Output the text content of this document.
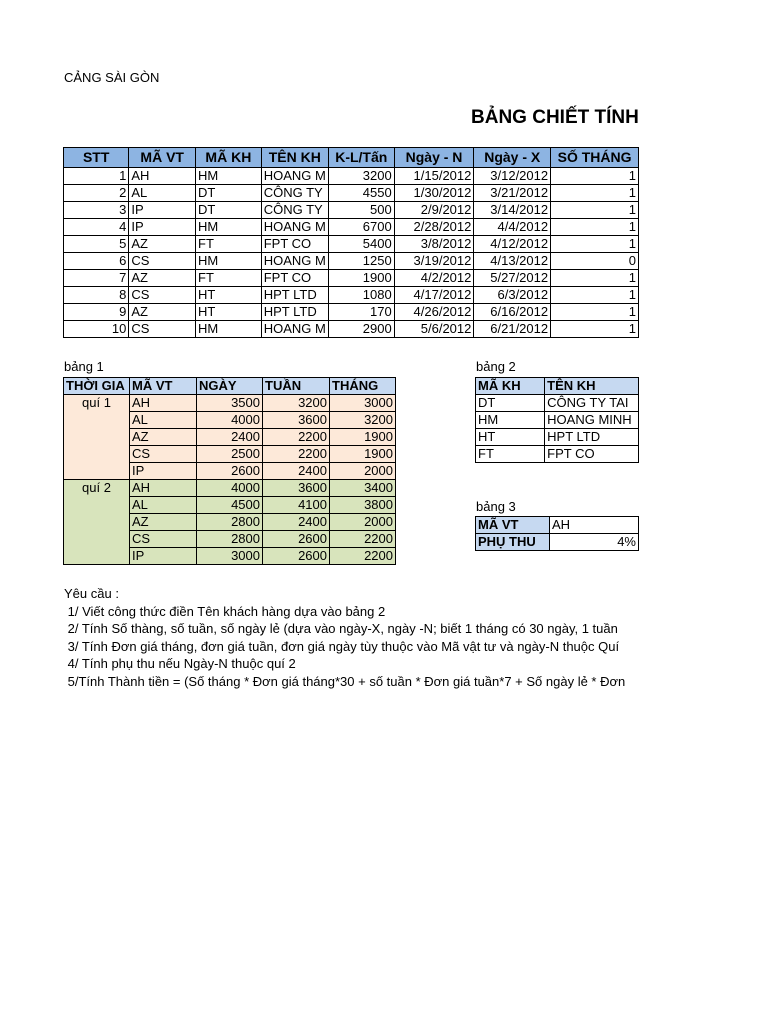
CẢNG SÀI GÒN
BẢNG CHIẾT TÍNH
STT	MÃ VT	MÃ KH	TÊN KH	K-L/Tấn	Ngày - N	Ngày - X	SỐ THÁNG
1	AH	HM	HOANG M	3200	1/15/2012	3/12/2012	1
2	AL	DT	CÔNG TY	4550	1/30/2012	3/21/2012	1
3	IP	DT	CÔNG TY	500	2/9/2012	3/14/2012	1
4	IP	HM	HOANG M	6700	2/28/2012	4/4/2012	1
5	AZ	FT	FPT CO	5400	3/8/2012	4/12/2012	1
6	CS	HM	HOANG M	1250	3/19/2012	4/13/2012	0
7	AZ	FT	FPT CO	1900	4/2/2012	5/27/2012	1
8	CS	HT	HPT LTD	1080	4/17/2012	6/3/2012	1
9	AZ	HT	HPT LTD	170	4/26/2012	6/16/2012	1
10	CS	HM	HOANG M	2900	5/6/2012	6/21/2012	1
bảng 1
THỜI GIA	MÃ VT	NGÀY	TUẦN	THÁNG
quí 1	AH	3500	3200	3000
	AL	4000	3600	3200
	AZ	2400	2200	1900
	CS	2500	2200	1900
	IP	2600	2400	2000
quí 2	AH	4000	3600	3400
	AL	4500	4100	3800
	AZ	2800	2400	2000
	CS	2800	2600	2200
	IP	3000	2600	2200
bảng 2
MÃ KH	TÊN KH
DT	CÔNG TY TAI
HM	HOANG MINH
HT	HPT LTD
FT	FPT CO
bảng 3
MÃ VT	AH
PHỤ THU	4%
Yêu cầu :
1/ Viết công thức điền Tên khách hàng dựa vào bảng 2
2/ Tính Số thàng, số tuần, số ngày lẻ (dựa vào ngày-X, ngày -N; biết 1 tháng có 30 ngày, 1 tuần
3/ Tính Đơn giá tháng, đơn giá tuần, đơn giá ngày tùy thuộc vào Mã vật tư và ngày-N thuộc Quí
4/ Tính phụ thu nếu Ngày-N thuộc quí 2
5/Tính Thành tiền = (Số tháng * Đơn giá tháng*30 + số tuần * Đơn giá tuần*7 + Số ngày lẻ * Đơn
